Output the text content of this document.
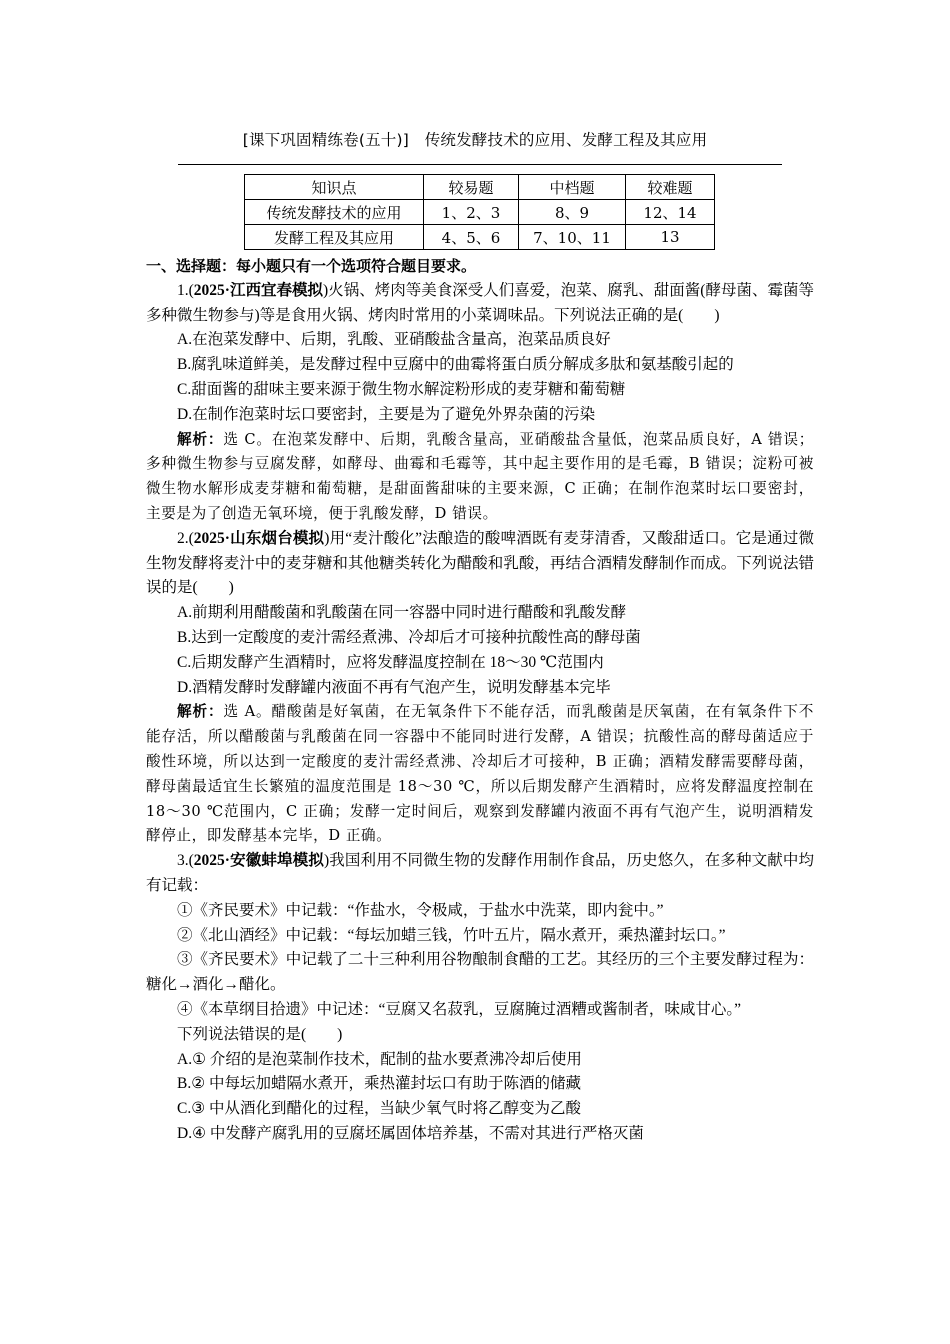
[课下巩固精练卷(五十)]　传统发酵技术的应用、发酵工程及其应用
知识点	较易题	中档题	较难题
传统发酵技术的应用	1、2、3	8、9	12、14
发酵工程及其应用	4、5、6	7、10、11	13

一、选择题：每小题只有一个选项符合题目要求。

1.(2025·江西宜春模拟)火锅、烤肉等美食深受人们喜爱，泡菜、腐乳、甜面酱(酵母菌、霉菌等多种微生物参与)等是食用火锅、烤肉时常用的小菜调味品。下列说法正确的是(　　)

A.在泡菜发酵中、后期，乳酸、亚硝酸盐含量高，泡菜品质良好

B.腐乳味道鲜美，是发酵过程中豆腐中的曲霉将蛋白质分解成多肽和氨基酸引起的

C.甜面酱的甜味主要来源于微生物水解淀粉形成的麦芽糖和葡萄糖

D.在制作泡菜时坛口要密封，主要是为了避免外界杂菌的污染

解析：选 C。在泡菜发酵中、后期，乳酸含量高，亚硝酸盐含量低，泡菜品质良好，A 错误；多种微生物参与豆腐发酵，如酵母、曲霉和毛霉等，其中起主要作用的是毛霉，B 错误；淀粉可被微生物水解形成麦芽糖和葡萄糖，是甜面酱甜味的主要来源，C 正确；在制作泡菜时坛口要密封，主要是为了创造无氧环境，便于乳酸发酵，D 错误。

2.(2025·山东烟台模拟)用“麦汁酸化”法酿造的酸啤酒既有麦芽清香，又酸甜适口。它是通过微生物发酵将麦汁中的麦芽糖和其他糖类转化为醋酸和乳酸，再结合酒精发酵制作而成。下列说法错误的是(　　)

A.前期利用醋酸菌和乳酸菌在同一容器中同时进行醋酸和乳酸发酵

B.达到一定酸度的麦汁需经煮沸、冷却后才可接种抗酸性高的酵母菌

C.后期发酵产生酒精时，应将发酵温度控制在 18～30 ℃范围内

D.酒精发酵时发酵罐内液面不再有气泡产生，说明发酵基本完毕

解析：选 A。醋酸菌是好氧菌，在无氧条件下不能存活，而乳酸菌是厌氧菌，在有氧条件下不能存活，所以醋酸菌与乳酸菌在同一容器中不能同时进行发酵，A 错误；抗酸性高的酵母菌适应于酸性环境，所以达到一定酸度的麦汁需经煮沸、冷却后才可接种，B 正确；酒精发酵需要酵母菌，酵母菌最适宜生长繁殖的温度范围是 18～30 ℃，所以后期发酵产生酒精时，应将发酵温度控制在 18～30 ℃范围内，C 正确；发酵一定时间后，观察到发酵罐内液面不再有气泡产生，说明酒精发酵停止，即发酵基本完毕，D 正确。

3.(2025·安徽蚌埠模拟)我国利用不同微生物的发酵作用制作食品，历史悠久，在多种文献中均有记载：

①《齐民要术》中记载：“作盐水，令极咸，于盐水中洗菜，即内瓮中。”

②《北山酒经》中记载：“每坛加蜡三钱，竹叶五片，隔水煮开，乘热灌封坛口。”

③《齐民要术》中记载了二十三种利用谷物酿制食醋的工艺。其经历的三个主要发酵过程为：糖化→酒化→醋化。

④《本草纲目拾遗》中记述：“豆腐又名菽乳，豆腐腌过酒糟或酱制者，味咸甘心。”

下列说法错误的是(　　)

A.① 介绍的是泡菜制作技术，配制的盐水要煮沸冷却后使用

B.② 中每坛加蜡隔水煮开，乘热灌封坛口有助于陈酒的储藏

C.③ 中从酒化到醋化的过程，当缺少氧气时将乙醇变为乙酸

D.④ 中发酵产腐乳用的豆腐坯属固体培养基，不需对其进行严格灭菌
